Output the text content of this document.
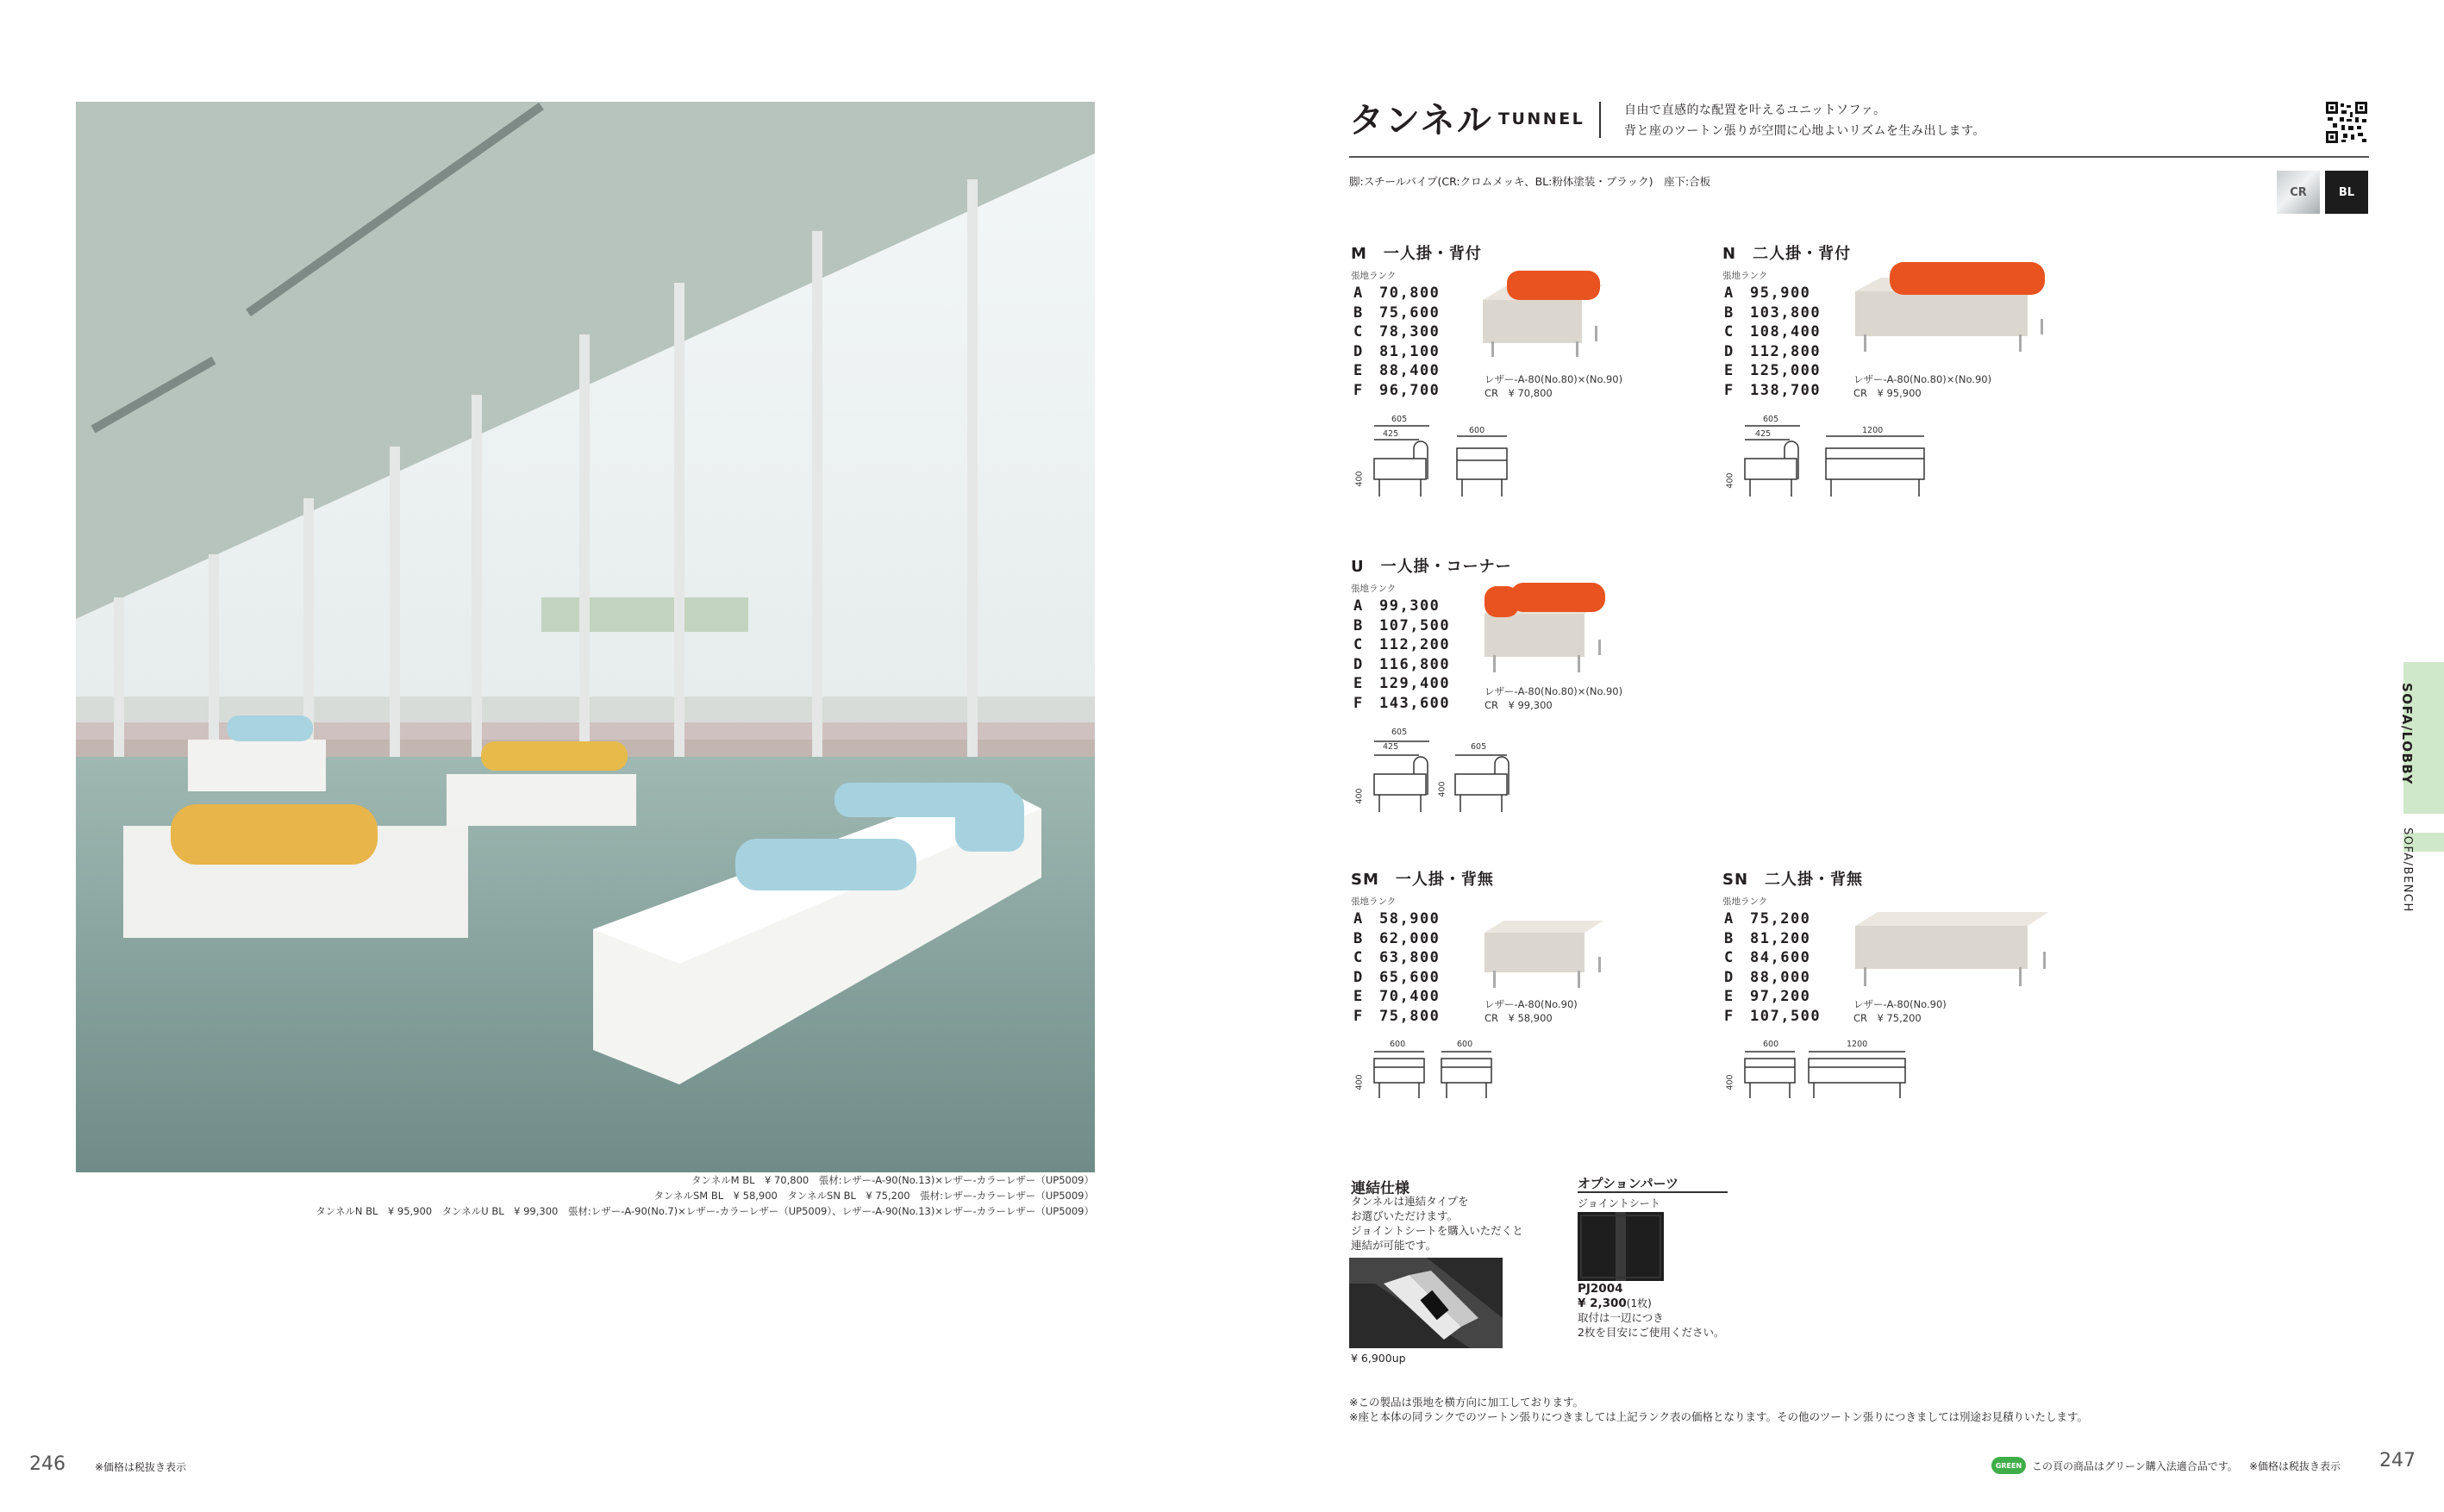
タンネルM BL　¥ 70,800　張材:レザー-A-90(No.13)×レザー-カラーレザー（UP5009）
タンネルSM BL　¥ 58,900　タンネルSN BL　¥ 75,200　張材:レザー-カラーレザー（UP5009）
タンネルN BL　¥ 95,900　タンネルU BL　¥ 99,300　張材:レザー-A-90(No.7)×レザー-カラーレザー（UP5009）、レザー-A-90(No.13)×レザー-カラーレザー（UP5009）
246	※価格は税抜き表示
タンネル TUNNEL	自由で直感的な配置を叶えるユニットソファ。
背と座のツートン張りが空間に心地よいリズムを生み出します。
脚:スチールパイプ(CR:クロムメッキ、BL:粉体塗装・ブラック)　座下:合板
CR	BL
M　一人掛・背付
張地ランク
A	70,800
B	75,600
C	78,300
D	81,100
E	88,400
F	96,700
レザー-A-80(No.80)×(No.90)
CR　¥ 70,800
605
425	600
400
N　二人掛・背付
張地ランク
A	95,900
B	103,800
C	108,400
D	112,800
E	125,000
F	138,700
レザー-A-80(No.80)×(No.90)
CR　¥ 95,900
605
425	1200
400
U　一人掛・コーナー
張地ランク
A	99,300
B	107,500
C	112,200
D	116,800
E	129,400
F	143,600
レザー-A-80(No.80)×(No.90)
CR　¥ 99,300
605
425	605
400	400
SM　一人掛・背無
張地ランク
A	58,900
B	62,000
C	63,800
D	65,600
E	70,400
F	75,800
レザー-A-80(No.90)
CR　¥ 58,900
600	600
400
SN　二人掛・背無
張地ランク
A	75,200
B	81,200
C	84,600
D	88,000
E	97,200
F	107,500
レザー-A-80(No.90)
CR　¥ 75,200
600	1200
400
連結仕様
タンネルは連結タイプを
お選びいただけます。
ジョイントシートを購入いただくと
連結が可能です。
¥ 6,900up
オプションパーツ
ジョイントシート
PJ2004
¥ 2,300(1枚)
取付は一辺につき
2枚を目安にご使用ください。
※この製品は張地を横方向に加工しております。
※座と本体の同ランクでのツートン張りにつきましては上記ランク表の価格となります。その他のツートン張りにつきましては別途お見積りいたします。
SOFA/LOBBY
SOFA/BENCH
GREEN この頁の商品はグリーン購入法適合品です。 ※価格は税抜き表示 247
